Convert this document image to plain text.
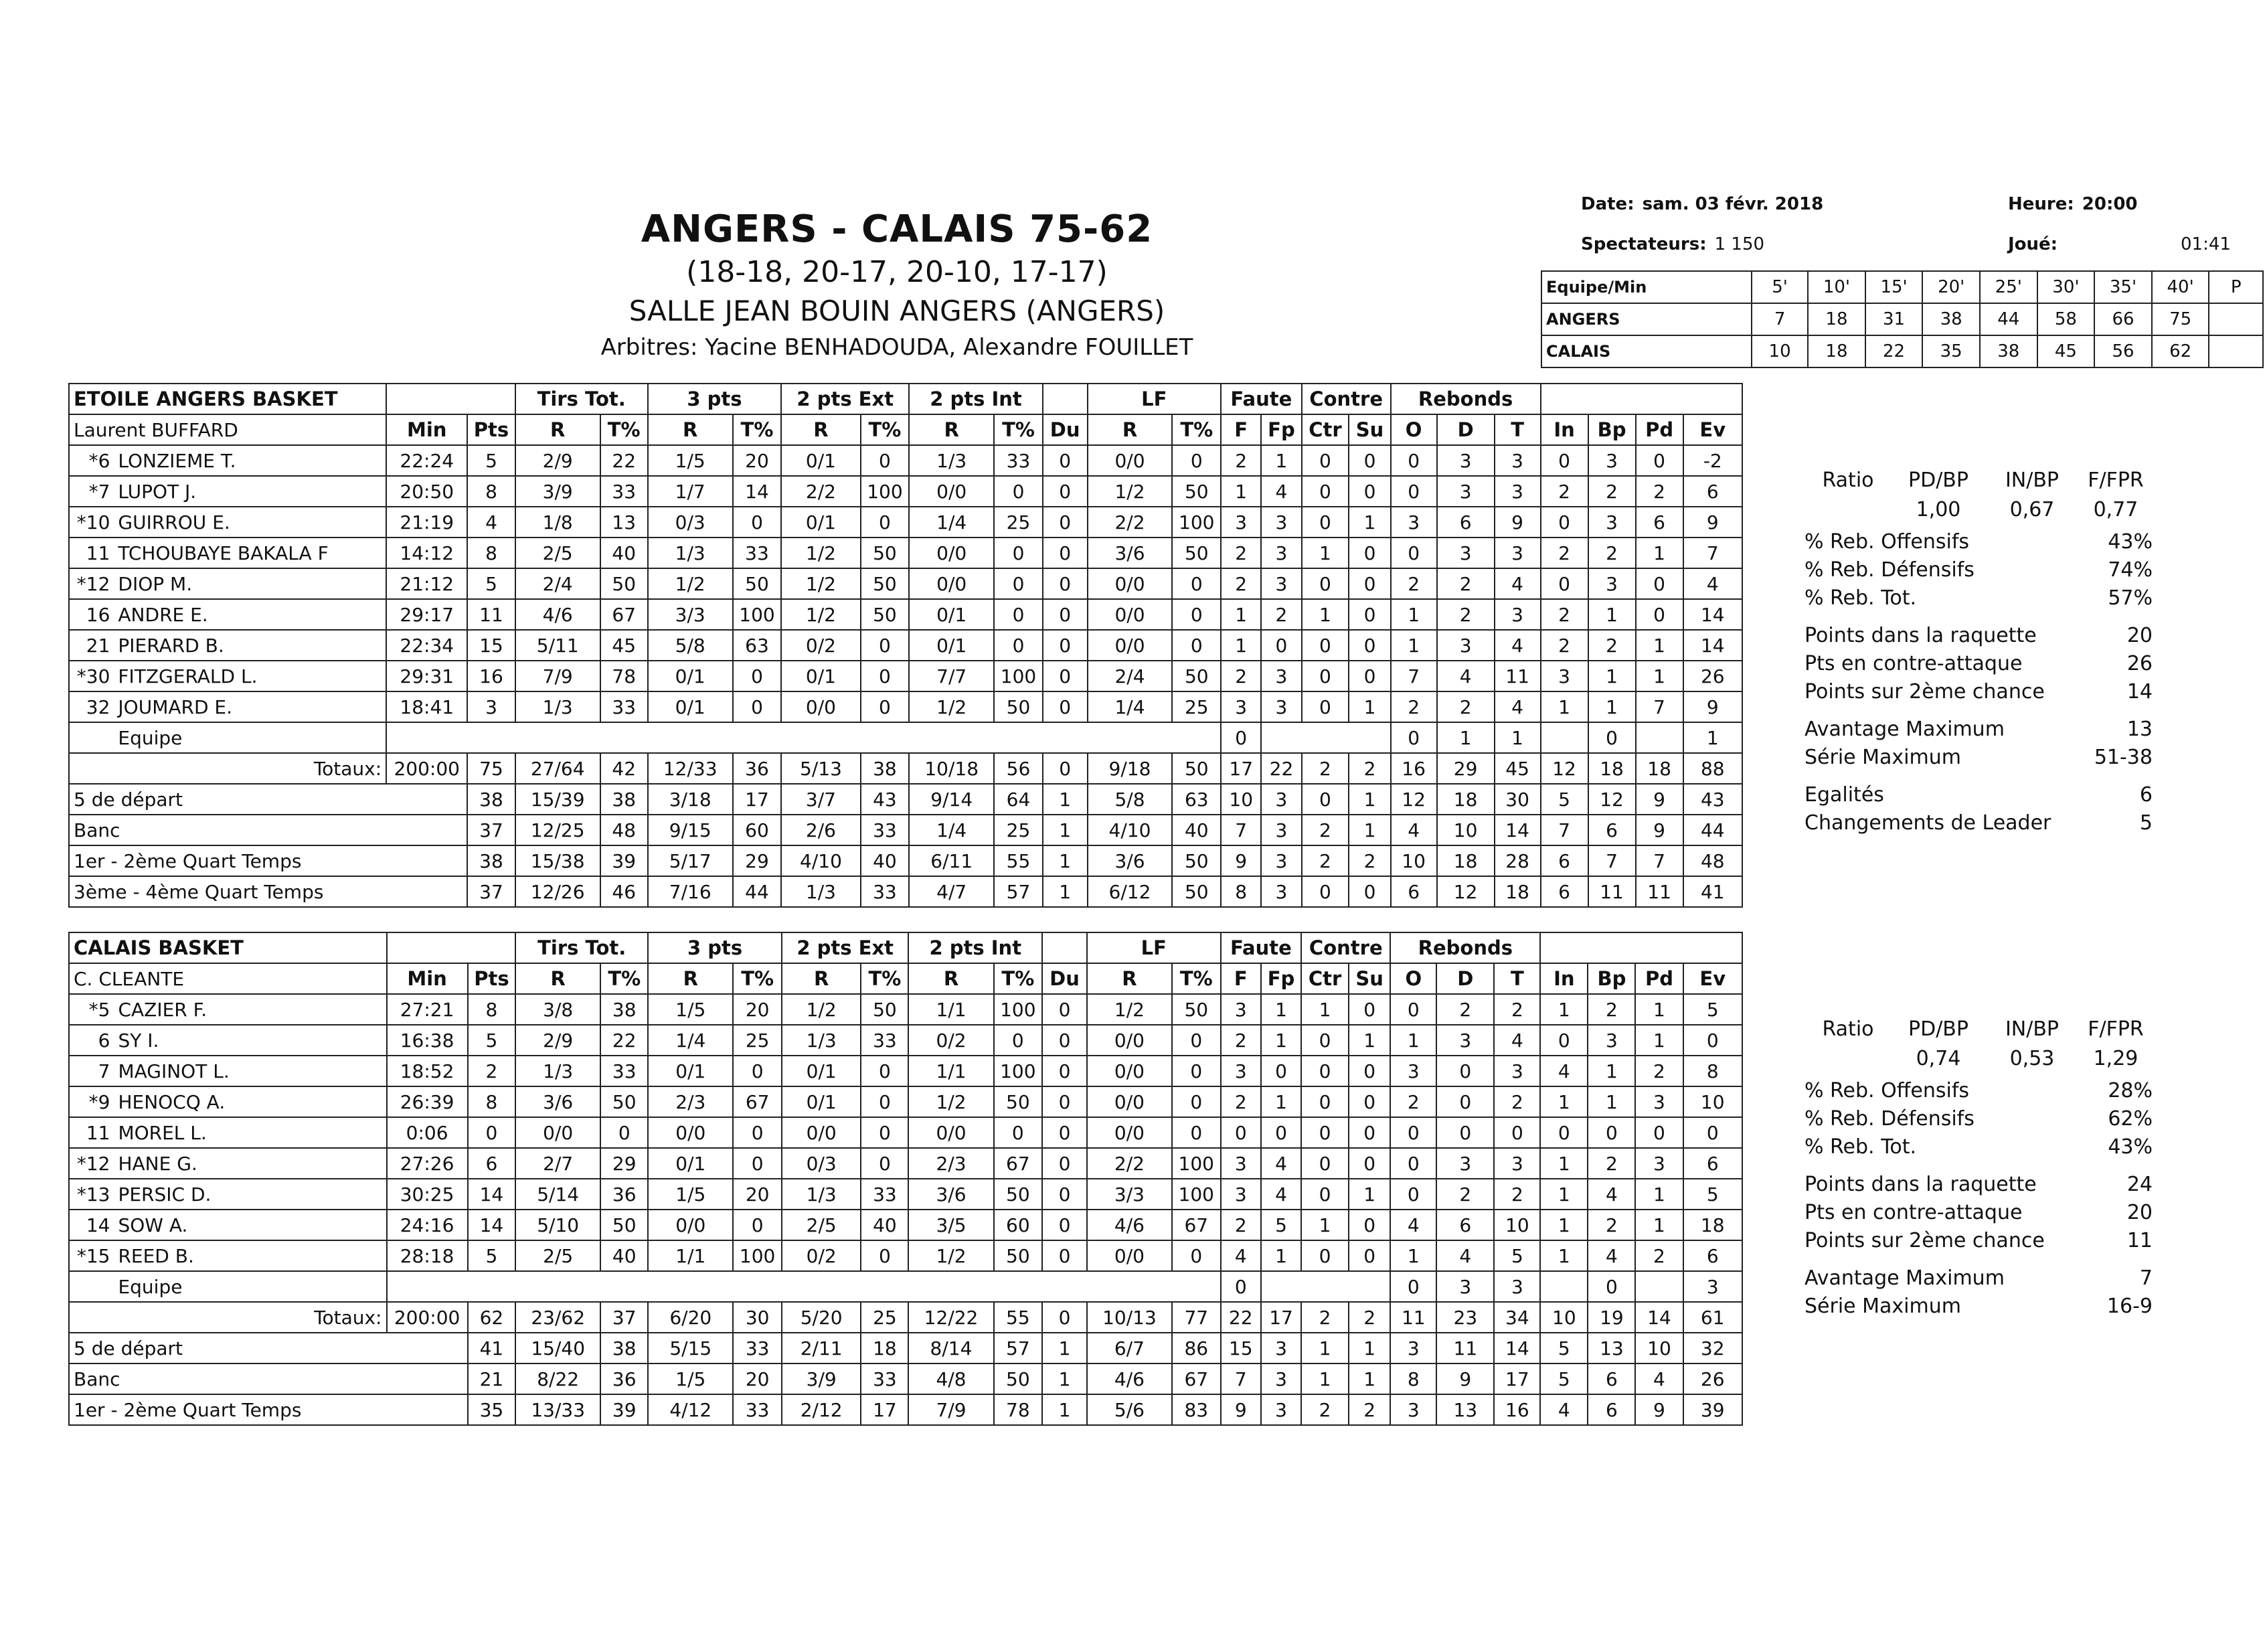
ANGERS - CALAIS 75-62
(18-18, 20-17, 20-10, 17-17)
SALLE JEAN BOUIN ANGERS (ANGERS)
Arbitres: Yacine BENHADOUDA, Alexandre FOUILLET
Date: sam. 03 févr. 2018	Heure: 20:00
Spectateurs: 1 150	Joué:	01:41
Equipe/Min	5'	10'	15'	20'	25'	30'	35'	40'	P
ANGERS	7	18	31	38	44	58	66	75	
CALAIS	10	18	22	35	38	45	56	62	
ETOILE ANGERS BASKET				Tirs Tot.		3 pts		2 pts Ext		2 pts Int			LF		Faute		Contre		Rebonds						
Laurent BUFFARD		Min	Pts	R	T%	R	T%	R	T%	R	T%	Du	R	T%	F	Fp	Ctr	Su	O	D	T	In	Bp	Pd	Ev
*6	LONZIEME T.	22:24	5	2/9	22	1/5	20	0/1	0	1/3	33	0	0/0	0	2	1	0	0	0	3	3	0	3	0	-2
*7	LUPOT J.	20:50	8	3/9	33	1/7	14	2/2	100	0/0	0	0	1/2	50	1	4	0	0	0	3	3	2	2	2	6
*10	GUIRROU E.	21:19	4	1/8	13	0/3	0	0/1	0	1/4	25	0	2/2	100	3	3	0	1	3	6	9	0	3	6	9
11	TCHOUBAYE BAKALA F	14:12	8	2/5	40	1/3	33	1/2	50	0/0	0	0	3/6	50	2	3	1	0	0	3	3	2	2	1	7
*12	DIOP M.	21:12	5	2/4	50	1/2	50	1/2	50	0/0	0	0	0/0	0	2	3	0	0	2	2	4	0	3	0	4
16	ANDRE E.	29:17	11	4/6	67	3/3	100	1/2	50	0/1	0	0	0/0	0	1	2	1	0	1	2	3	2	1	0	14
21	PIERARD B.	22:34	15	5/11	45	5/8	63	0/2	0	0/1	0	0	0/0	0	1	0	0	0	1	3	4	2	2	1	14
*30	FITZGERALD L.	29:31	16	7/9	78	0/1	0	0/1	0	7/7	100	0	2/4	50	2	3	0	0	7	4	11	3	1	1	26
32	JOUMARD E.	18:41	3	1/3	33	0/1	0	0/0	0	1/2	50	0	1/4	25	3	3	0	1	2	2	4	1	1	7	9
	Equipe														0				0	1	1		0		1
Totaux:		200:00	75	27/64	42	12/33	36	5/13	38	10/18	56	0	9/18	50	17	22	2	2	16	29	45	12	18	18	88
5 de départ			38	15/39	38	3/18	17	3/7	43	9/14	64	1	5/8	63	10	3	0	1	12	18	30	5	12	9	43
Banc			37	12/25	48	9/15	60	2/6	33	1/4	25	1	4/10	40	7	3	2	1	4	10	14	7	6	9	44
1er - 2ème Quart Temps			38	15/38	39	5/17	29	4/10	40	6/11	55	1	3/6	50	9	3	2	2	10	18	28	6	7	7	48
3ème - 4ème Quart Temps			37	12/26	46	7/16	44	1/3	33	4/7	57	1	6/12	50	8	3	0	0	6	12	18	6	11	11	41
CALAIS BASKET				Tirs Tot.		3 pts		2 pts Ext		2 pts Int			LF		Faute		Contre		Rebonds						
C. CLEANTE		Min	Pts	R	T%	R	T%	R	T%	R	T%	Du	R	T%	F	Fp	Ctr	Su	O	D	T	In	Bp	Pd	Ev
*5	CAZIER F.	27:21	8	3/8	38	1/5	20	1/2	50	1/1	100	0	1/2	50	3	1	1	0	0	2	2	1	2	1	5
6	SY I.	16:38	5	2/9	22	1/4	25	1/3	33	0/2	0	0	0/0	0	2	1	0	1	1	3	4	0	3	1	0
7	MAGINOT L.	18:52	2	1/3	33	0/1	0	0/1	0	1/1	100	0	0/0	0	3	0	0	0	3	0	3	4	1	2	8
*9	HENOCQ A.	26:39	8	3/6	50	2/3	67	0/1	0	1/2	50	0	0/0	0	2	1	0	0	2	0	2	1	1	3	10
11	MOREL L.	0:06	0	0/0	0	0/0	0	0/0	0	0/0	0	0	0/0	0	0	0	0	0	0	0	0	0	0	0	0
*12	HANE G.	27:26	6	2/7	29	0/1	0	0/3	0	2/3	67	0	2/2	100	3	4	0	0	0	3	3	1	2	3	6
*13	PERSIC D.	30:25	14	5/14	36	1/5	20	1/3	33	3/6	50	0	3/3	100	3	4	0	1	0	2	2	1	4	1	5
14	SOW A.	24:16	14	5/10	50	0/0	0	2/5	40	3/5	60	0	4/6	67	2	5	1	0	4	6	10	1	2	1	18
*15	REED B.	28:18	5	2/5	40	1/1	100	0/2	0	1/2	50	0	0/0	0	4	1	0	0	1	4	5	1	4	2	6
	Equipe														0				0	3	3		0		3
Totaux:		200:00	62	23/62	37	6/20	30	5/20	25	12/22	55	0	10/13	77	22	17	2	2	11	23	34	10	19	14	61
5 de départ			41	15/40	38	5/15	33	2/11	18	8/14	57	1	6/7	86	15	3	1	1	3	11	14	5	13	10	32
Banc			21	8/22	36	1/5	20	3/9	33	4/8	50	1	4/6	67	7	3	1	1	8	9	17	5	6	4	26
1er - 2ème Quart Temps			35	13/33	39	4/12	33	2/12	17	7/9	78	1	5/6	83	9	3	2	2	3	13	16	4	6	9	39
Ratio	PD/BP	IN/BP	F/FPR
1,00	0,67	0,77
% Reb. Offensifs	43%
% Reb. Défensifs	74%
% Reb. Tot.	57%
Points dans la raquette	20
Pts en contre-attaque	26
Points sur 2ème chance	14
Avantage Maximum	13
Série Maximum	51-38
Egalités	6
Changements de Leader	5
Ratio	PD/BP	IN/BP	F/FPR
0,74	0,53	1,29
% Reb. Offensifs	28%
% Reb. Défensifs	62%
% Reb. Tot.	43%
Points dans la raquette	24
Pts en contre-attaque	20
Points sur 2ème chance	11
Avantage Maximum	7
Série Maximum	16-9
